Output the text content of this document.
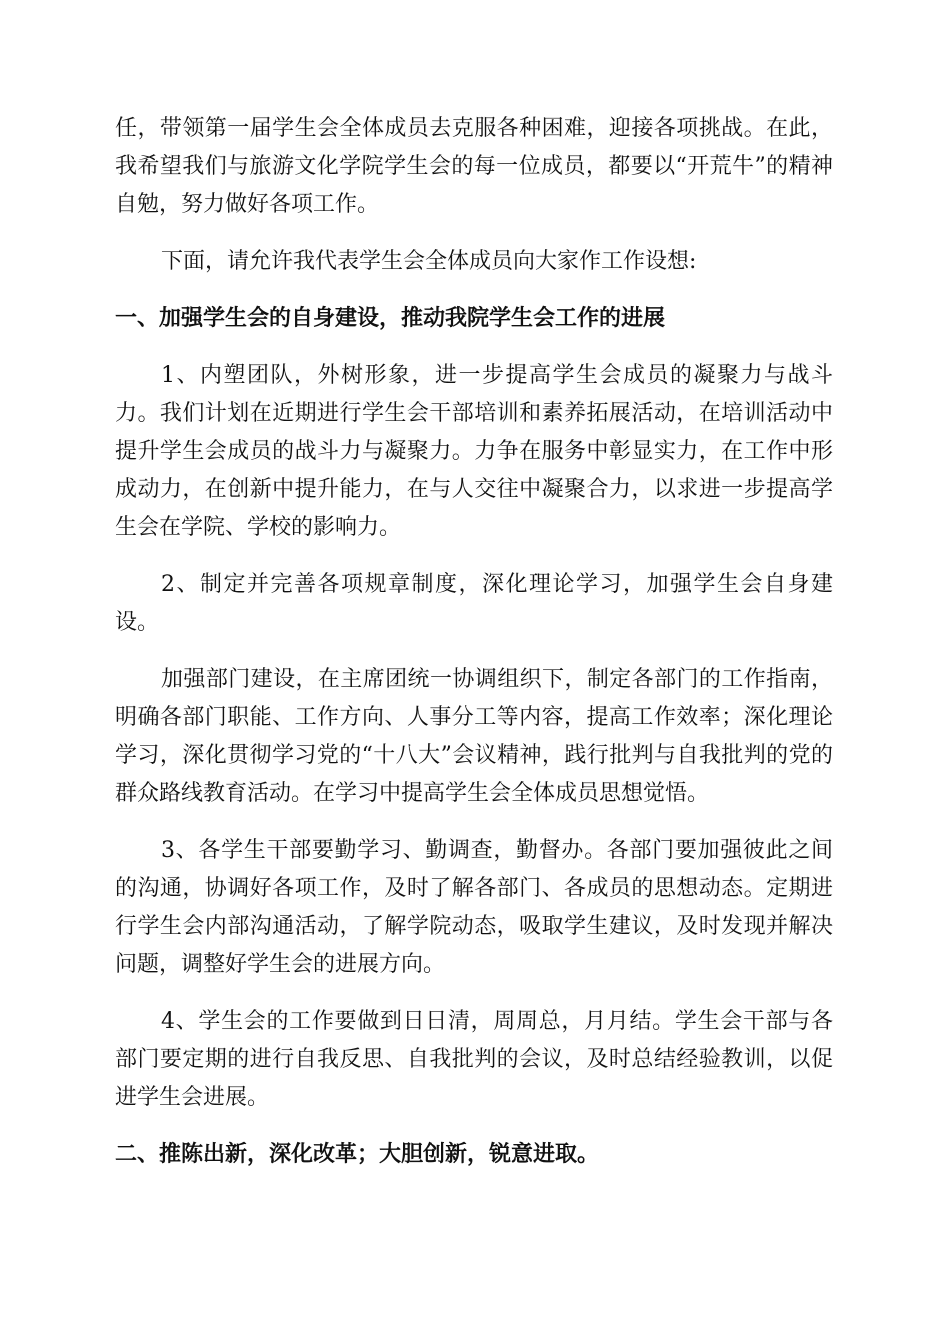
任，带领第一届学生会全体成员去克服各种困难，迎接各项挑战。在此，我希望我们与旅游文化学院学生会的每一位成员，都要以“开荒牛”的精神自勉，努力做好各项工作。

下面，请允许我代表学生会全体成员向大家作工作设想:

一、加强学生会的自身建设，推动我院学生会工作的进展

1、内塑团队，外树形象，进一步提高学生会成员的凝聚力与战斗力。我们计划在近期进行学生会干部培训和素养拓展活动，在培训活动中提升学生会成员的战斗力与凝聚力。力争在服务中彰显实力，在工作中形成动力，在创新中提升能力，在与人交往中凝聚合力，以求进一步提高学生会在学院、学校的影响力。

2、制定并完善各项规章制度，深化理论学习，加强学生会自身建设。

加强部门建设，在主席团统一协调组织下，制定各部门的工作指南，明确各部门职能、工作方向、人事分工等内容，提高工作效率；深化理论学习，深化贯彻学习党的“十八大”会议精神，践行批判与自我批判的党的群众路线教育活动。在学习中提高学生会全体成员思想觉悟。

3、各学生干部要勤学习、勤调查，勤督办。各部门要加强彼此之间的沟通，协调好各项工作，及时了解各部门、各成员的思想动态。定期进行学生会内部沟通活动，了解学院动态，吸取学生建议，及时发现并解决问题，调整好学生会的进展方向。

4、学生会的工作要做到日日清，周周总，月月结。学生会干部与各部门要定期的进行自我反思、自我批判的会议，及时总结经验教训，以促进学生会进展。

二、推陈出新，深化改革；大胆创新，锐意进取。
